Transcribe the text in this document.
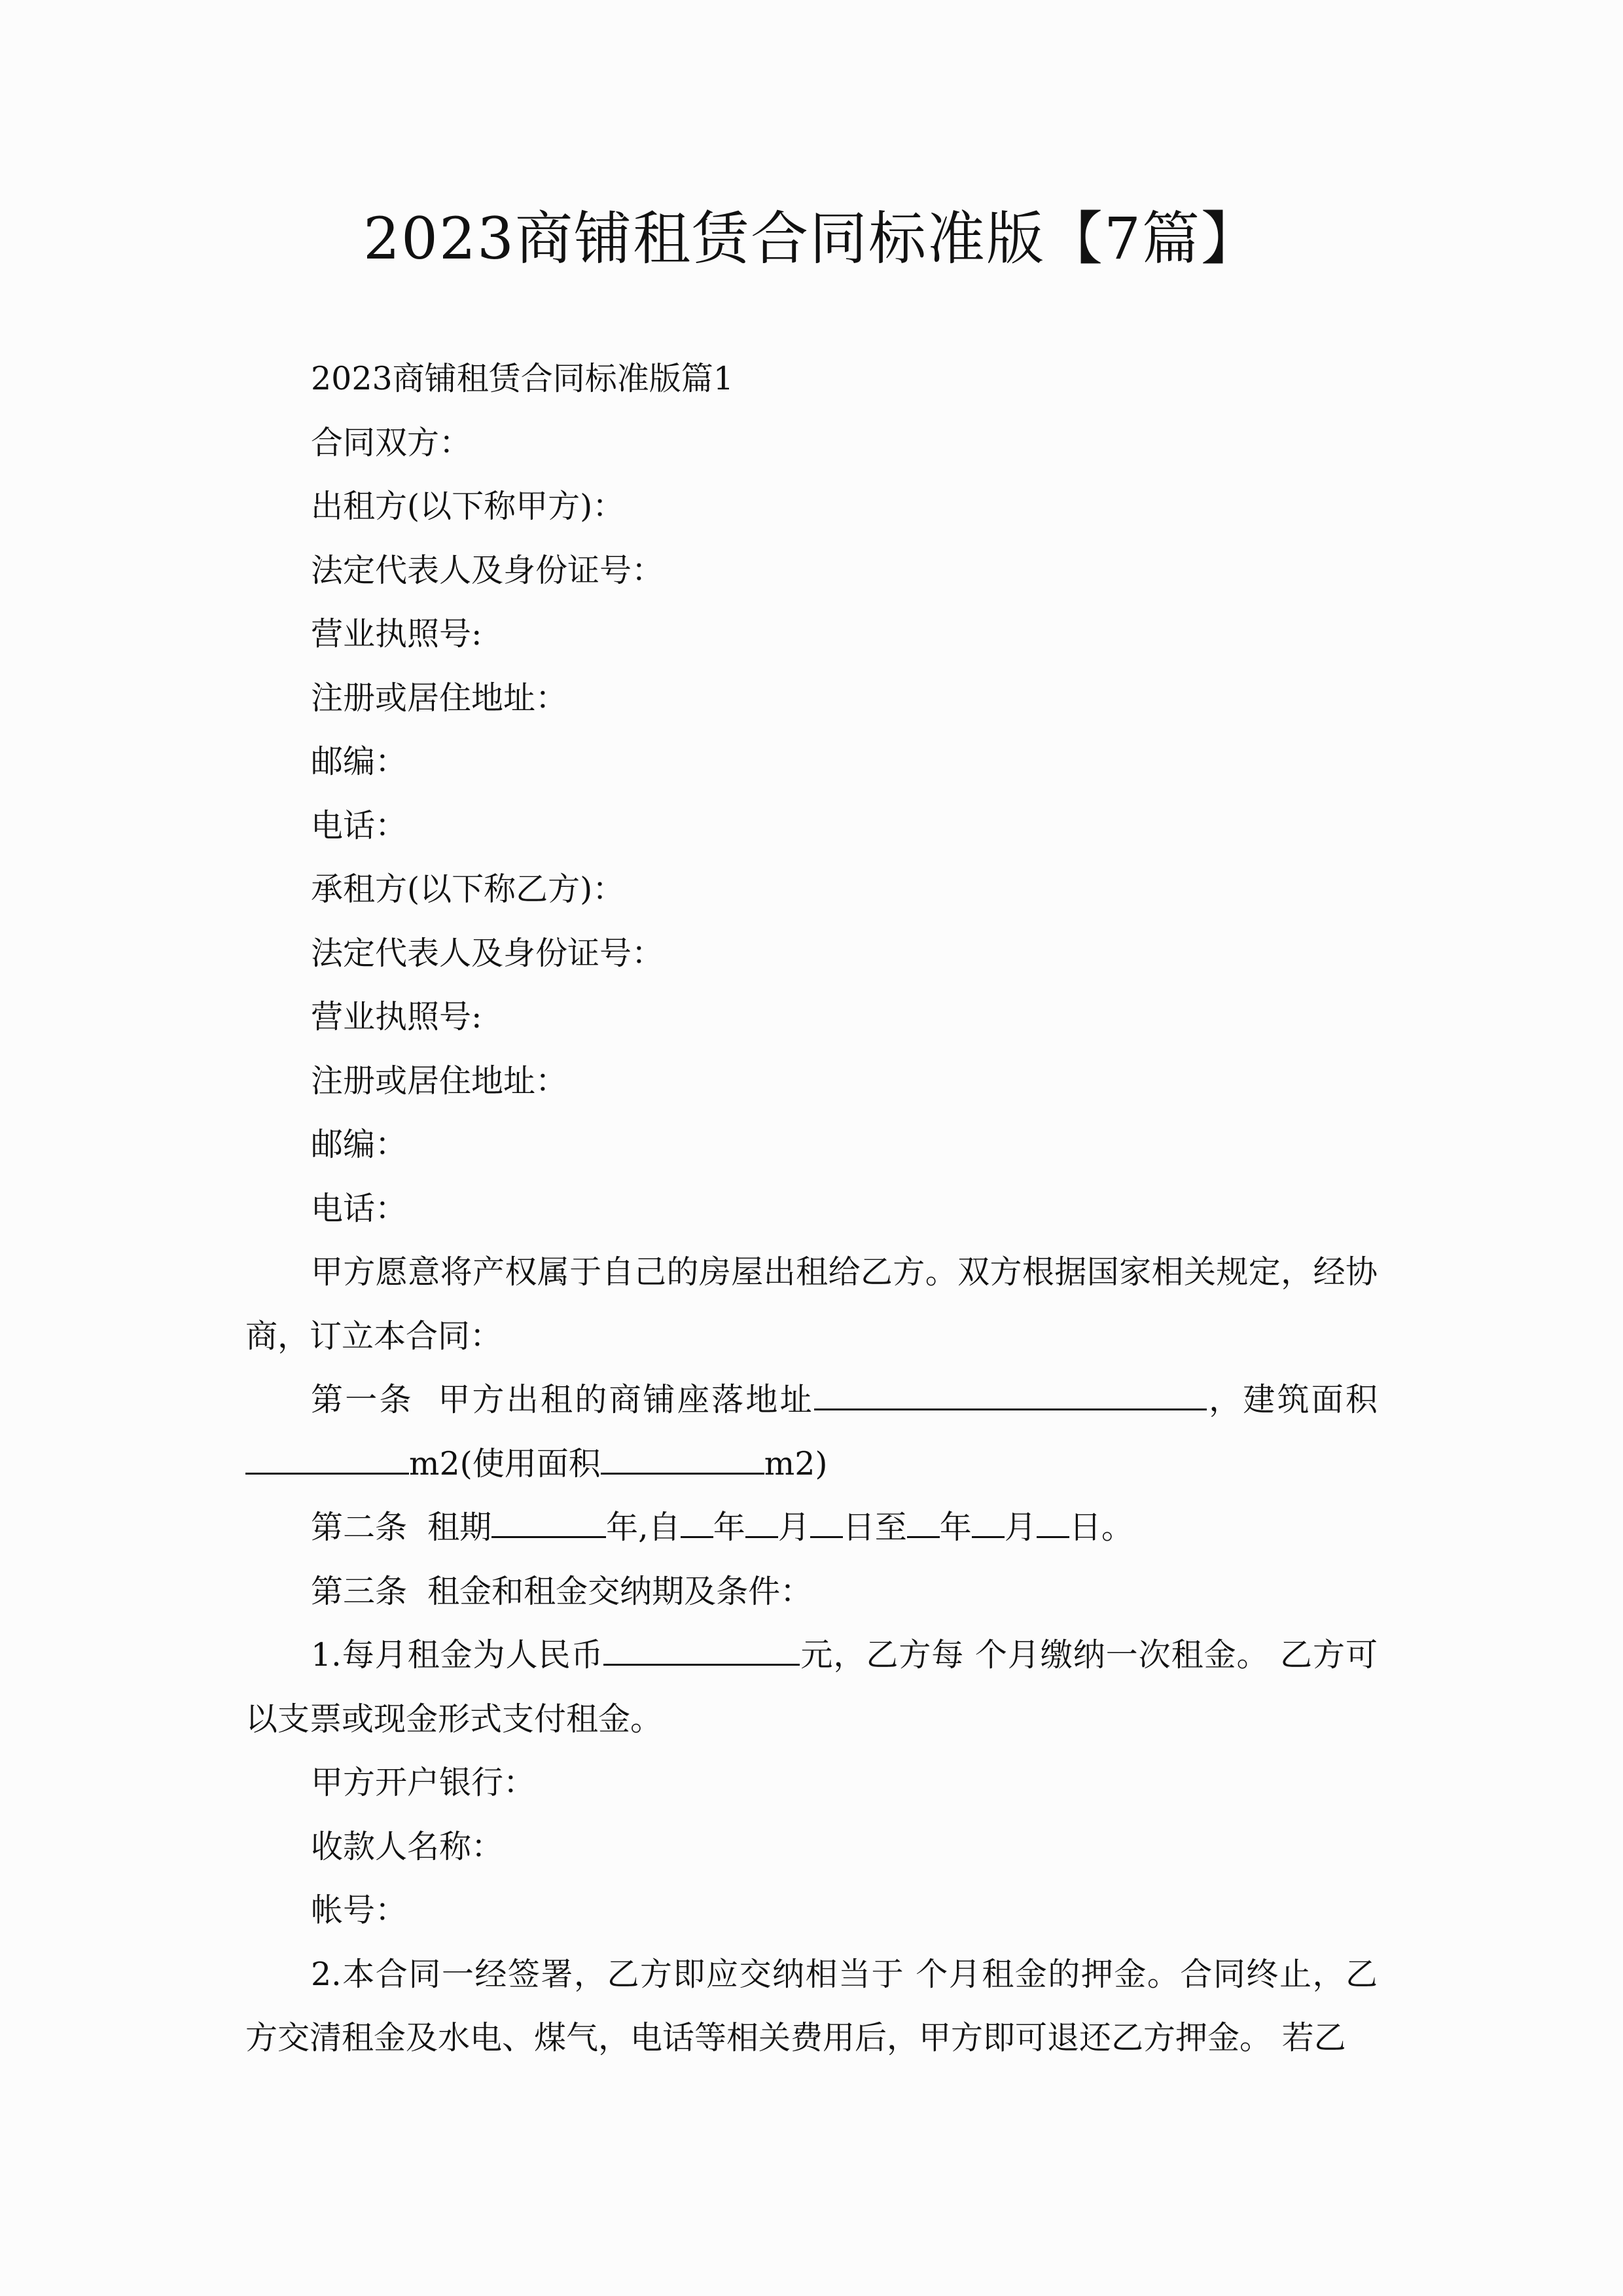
2023商铺租赁合同标准版【7篇】

2023商铺租赁合同标准版篇1

合同双方：

出租方(以下称甲方)：

法定代表人及身份证号：

营业执照号:

注册或居住地址：

邮编：

电话：

承租方(以下称乙方)：

法定代表人及身份证号：

营业执照号:

注册或居住地址：

邮编：

电话：

甲方愿意将产权属于自己的房屋出租给乙方。双方根据国家相关规定，经协商，订立本合同：

第一条  甲方出租的商铺座落地址	，建筑面积m2(使用面积	m2)

第二条  租期	年,自 年 月 日至 年 月 日。

第三条  租金和租金交纳期及条件：

1.每月租金为人民币	元，乙方每 个月缴纳一次租金。 乙方可以支票或现金形式支付租金。

甲方开户银行：

收款人名称：

帐号：

2.本合同一经签署，乙方即应交纳相当于 个月租金的押金。合同终止，乙方交清租金及水电、煤气，电话等相关费用后，甲方即可退还乙方押金。 若乙
